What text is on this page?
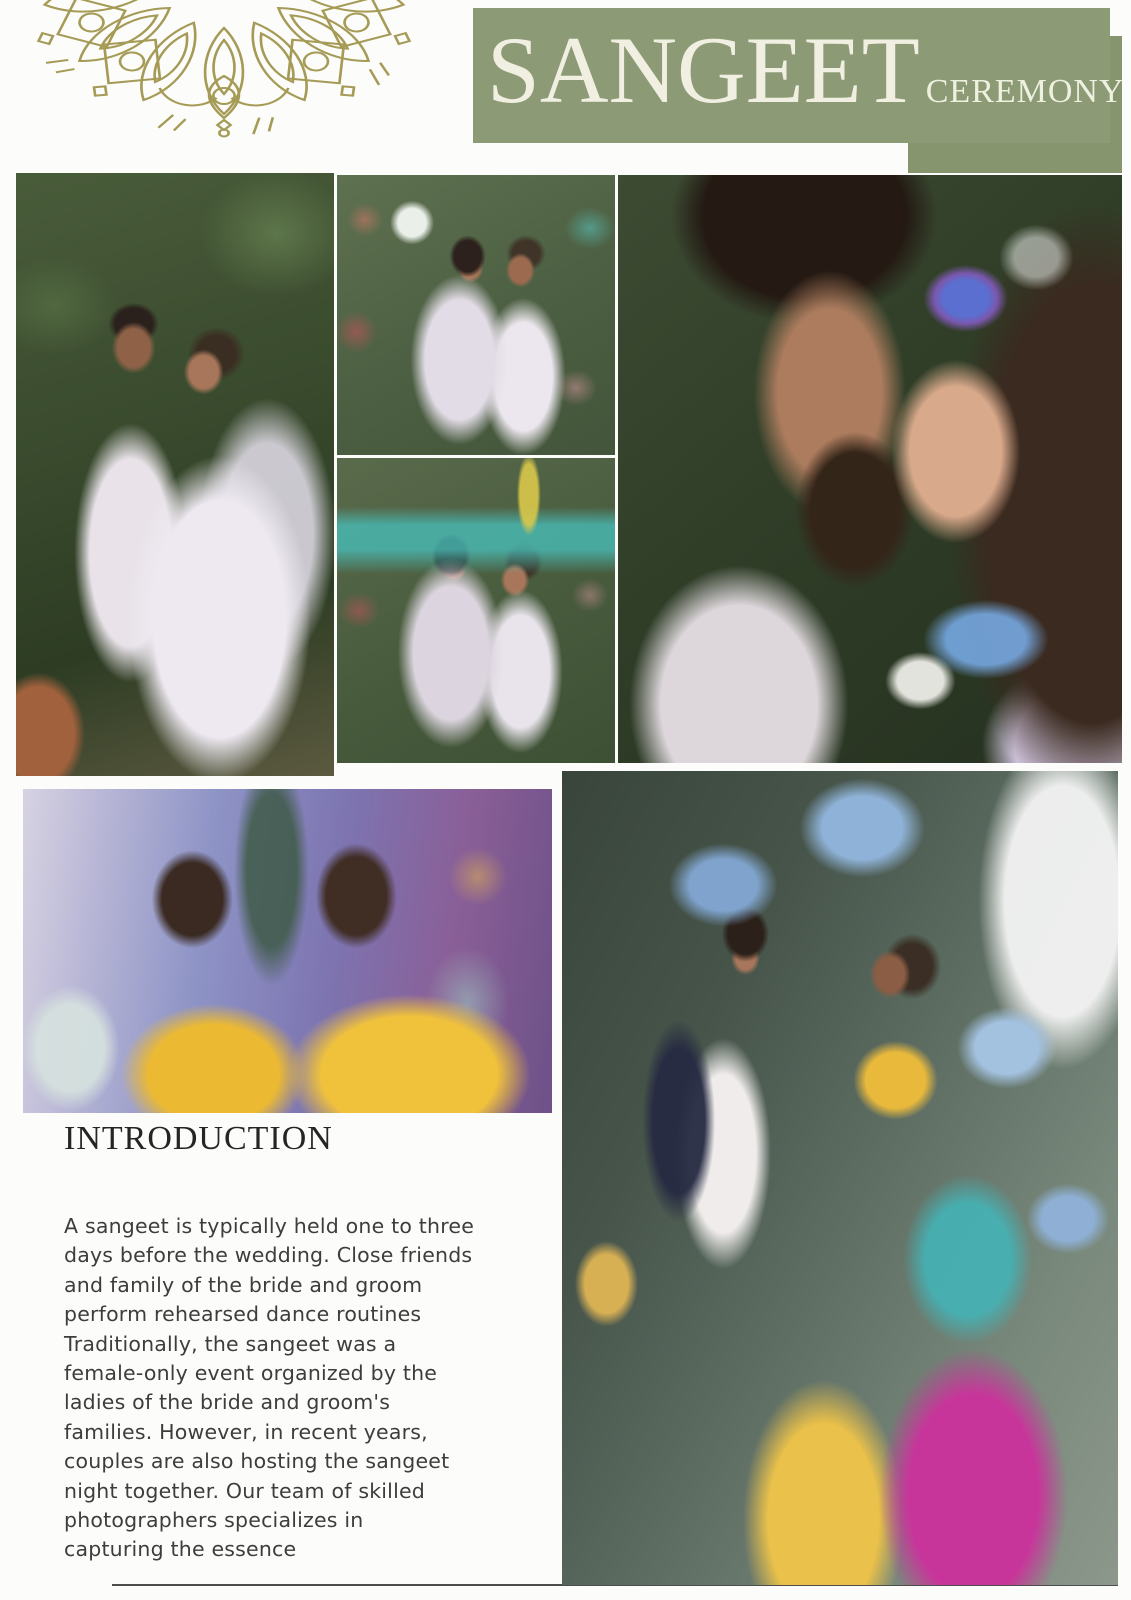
SANGEET CEREMONY
INTRODUCTION
A sangeet is typically held one to three
days before the wedding. Close friends
and family of the bride and groom
perform rehearsed dance routines
Traditionally, the sangeet was a
female-only event organized by the
ladies of the bride and groom's
families. However, in recent years,
couples are also hosting the sangeet
night together. Our team of skilled
photographers specializes in
capturing the essence
